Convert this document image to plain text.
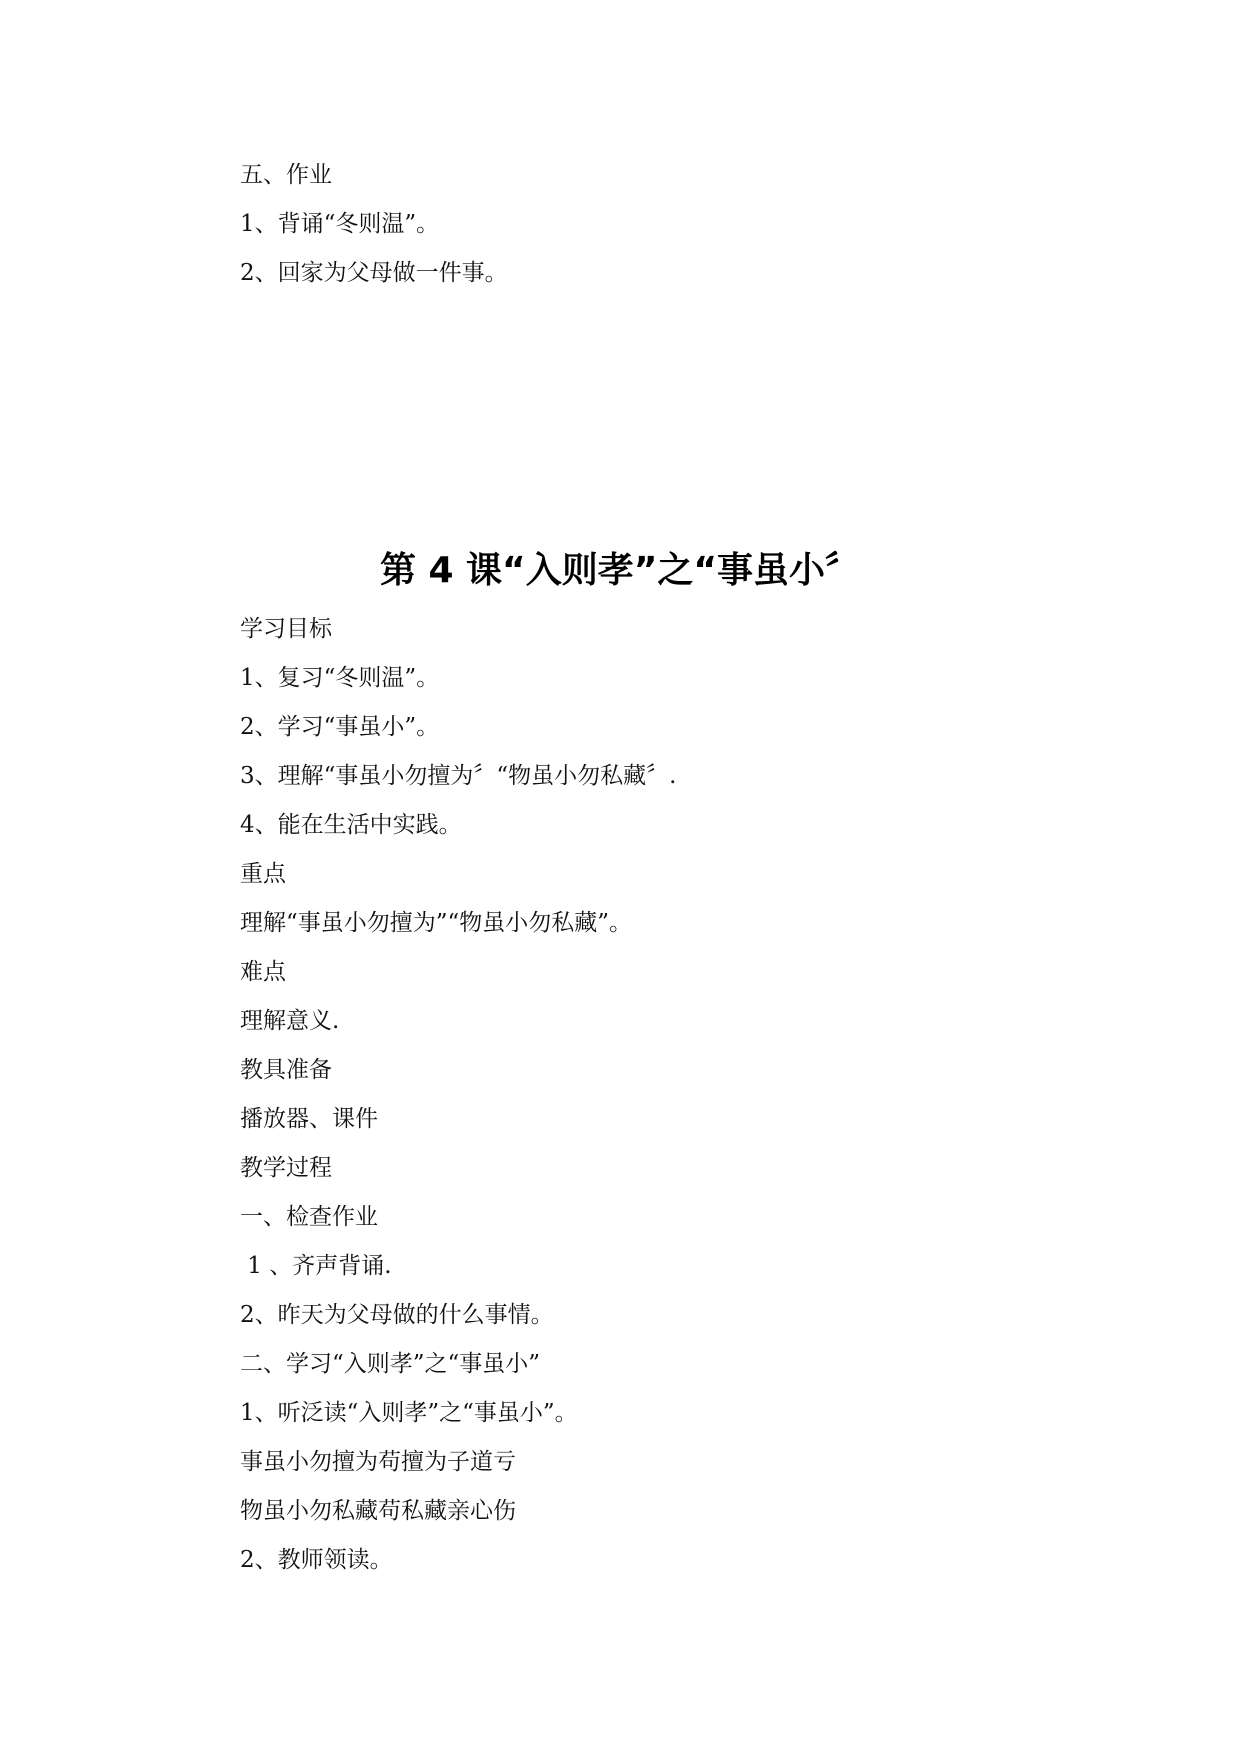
五、作业
1、背诵“冬则温”。
2、回家为父母做一件事。
第 4 课“入则孝”之“事虽小〞
学习目标
1、复习“冬则温”。
2、学习“事虽小”。
3、理解“事虽小勿擅为〞“物虽小勿私藏〞.
4、能在生活中实践。
重点
理解“事虽小勿擅为”“物虽小勿私藏”。
难点
理解意义.
教具准备
播放器、课件
教学过程
一、检查作业
1 、齐声背诵.
2、昨天为父母做的什么事情。
二、学习“入则孝”之“事虽小”
1、听泛读“入则孝”之“事虽小”。
事虽小勿擅为苟擅为子道亏
物虽小勿私藏苟私藏亲心伤
2、教师领读。
